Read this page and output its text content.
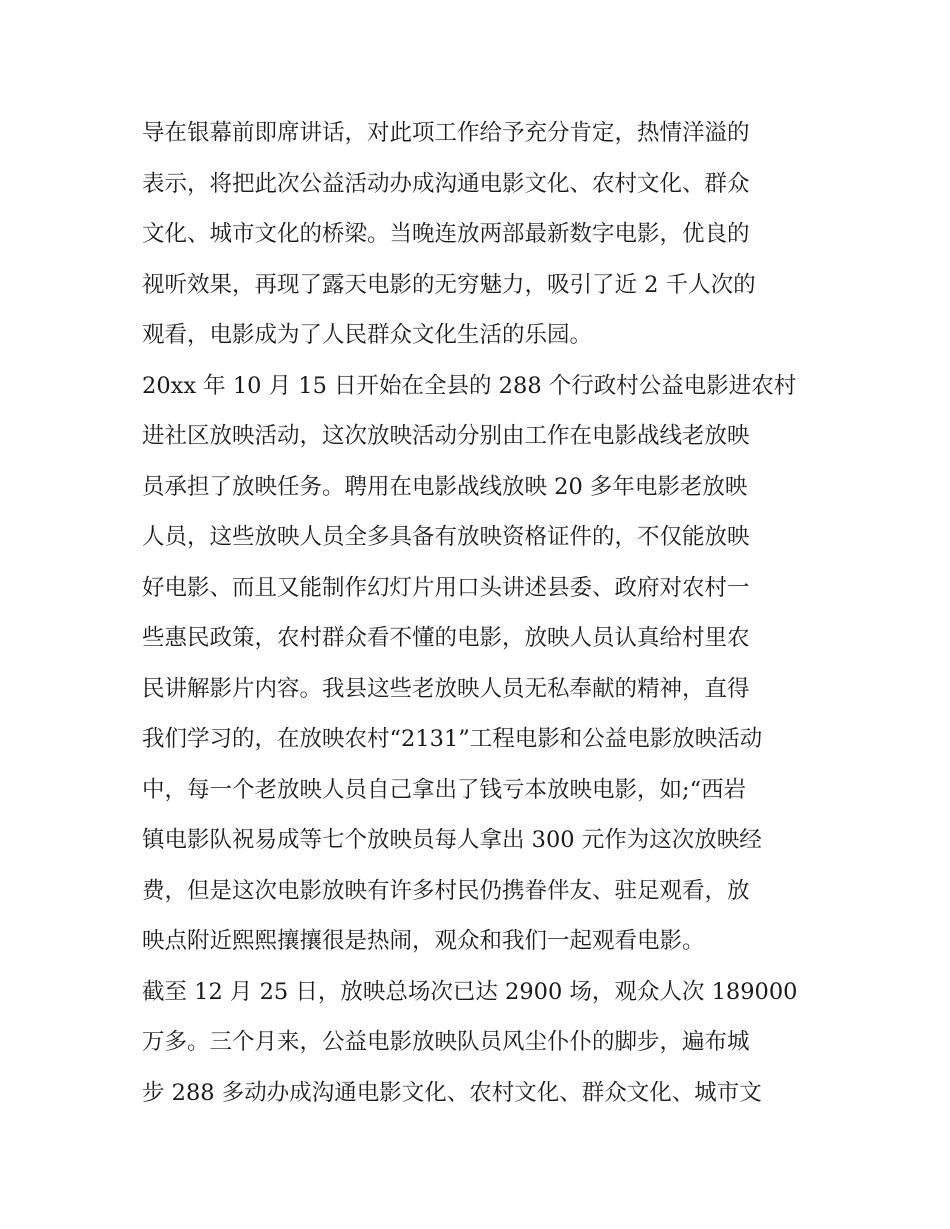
导在银幕前即席讲话，对此项工作给予充分肯定，热情洋溢的
表示，将把此次公益活动办成沟通电影文化、农村文化、群众
文化、城市文化的桥梁。当晚连放两部最新数字电影，优良的
视听效果，再现了露天电影的无穷魅力，吸引了近 2 千人次的
观看，电影成为了人民群众文化生活的乐园。

20xx 年 10 月 15 日开始在全县的 288 个行政村公益电影进农村
进社区放映活动，这次放映活动分别由工作在电影战线老放映
员承担了放映任务。聘用在电影战线放映 20 多年电影老放映
人员，这些放映人员全多具备有放映资格证件的，不仅能放映
好电影、而且又能制作幻灯片用口头讲述县委、政府对农村一
些惠民政策，农村群众看不懂的电影，放映人员认真给村里农
民讲解影片内容。我县这些老放映人员无私奉献的精神，直得
我们学习的，在放映农村“2131”工程电影和公益电影放映活动
中，每一个老放映人员自己拿出了钱亏本放映电影，如;“西岩
镇电影队祝易成等七个放映员每人拿出 300 元作为这次放映经
费，但是这次电影放映有许多村民仍携眷伴友、驻足观看，放
映点附近熙熙攘攘很是热闹，观众和我们一起观看电影。

截至 12 月 25 日，放映总场次已达 2900 场，观众人次 189000
万多。三个月来，公益电影放映队员风尘仆仆的脚步，遍布城
步 288 多动办成沟通电影文化、农村文化、群众文化、城市文
